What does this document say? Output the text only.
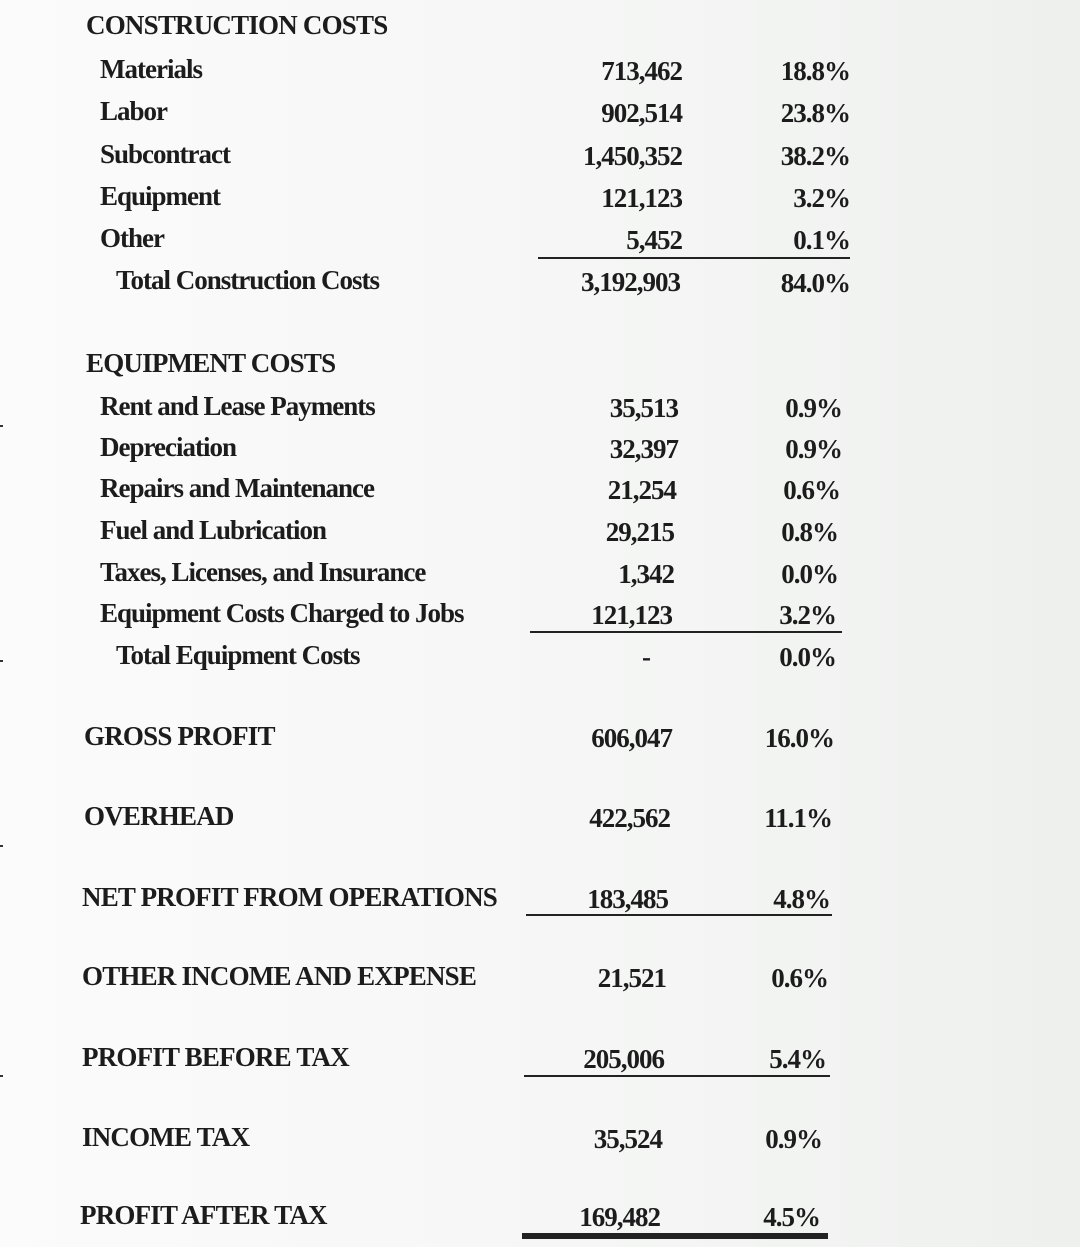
CONSTRUCTION COSTS
Materials	713,462	18.8%
Labor	902,514	23.8%
Subcontract	1,450,352	38.2%
Equipment	121,123	3.2%
Other	5,452	0.1%
Total Construction Costs	3,192,903	84.0%
EQUIPMENT COSTS
Rent and Lease Payments	35,513	0.9%
Depreciation	32,397	0.9%
Repairs and Maintenance	21,254	0.6%
Fuel and Lubrication	29,215	0.8%
Taxes, Licenses, and Insurance	1,342	0.0%
Equipment Costs Charged to Jobs	121,123	3.2%
Total Equipment Costs	-	0.0%
GROSS PROFIT	606,047	16.0%
OVERHEAD	422,562	11.1%
NET PROFIT FROM OPERATIONS	183,485	4.8%
OTHER INCOME AND EXPENSE	21,521	0.6%
PROFIT BEFORE TAX	205,006	5.4%
INCOME TAX	35,524	0.9%
PROFIT AFTER TAX	169,482	4.5%
